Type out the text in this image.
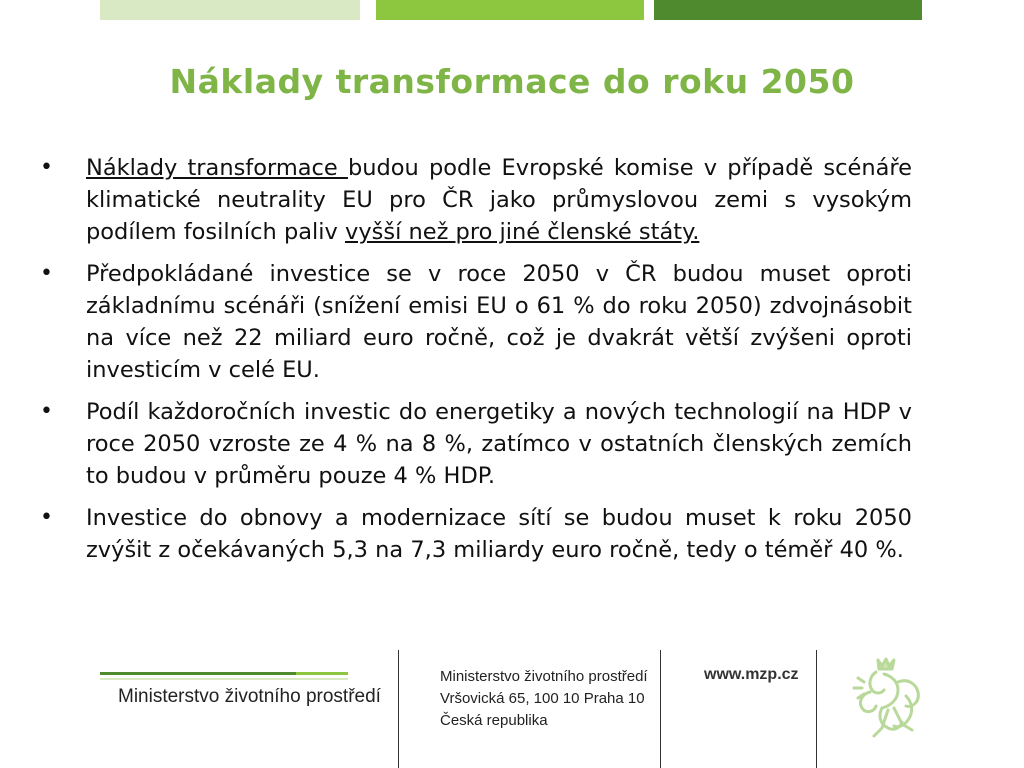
Náklady transformace do roku 2050
• Náklady transformace budou podle Evropské komise v případě scénáře klimatické neutrality EU pro ČR jako průmyslovou zemi s vysokým podílem fosilních paliv vyšší než pro jiné členské státy.
• Předpokládané investice se v roce 2050 v ČR budou muset oproti základnímu scénáři (snížení emisi EU o 61 % do roku 2050) zdvojnásobit na více než 22 miliard euro ročně, což je dvakrát větší zvýšeni oproti investicím v celé EU.
• Podíl každoročních investic do energetiky a nových technologií na HDP v roce 2050 vzroste ze 4 % na 8 %, zatímco v ostatních členských zemích to budou v průměru pouze 4 % HDP.
• Investice do obnovy a modernizace sítí se budou muset k roku 2050 zvýšit z očekávaných 5,3 na 7,3 miliardy euro ročně, tedy o téměř 40 %.
Ministerstvo životního prostředí
Ministerstvo životního prostředí
Vršovická 65, 100 10 Praha 10
Česká republika
www.mzp.cz
